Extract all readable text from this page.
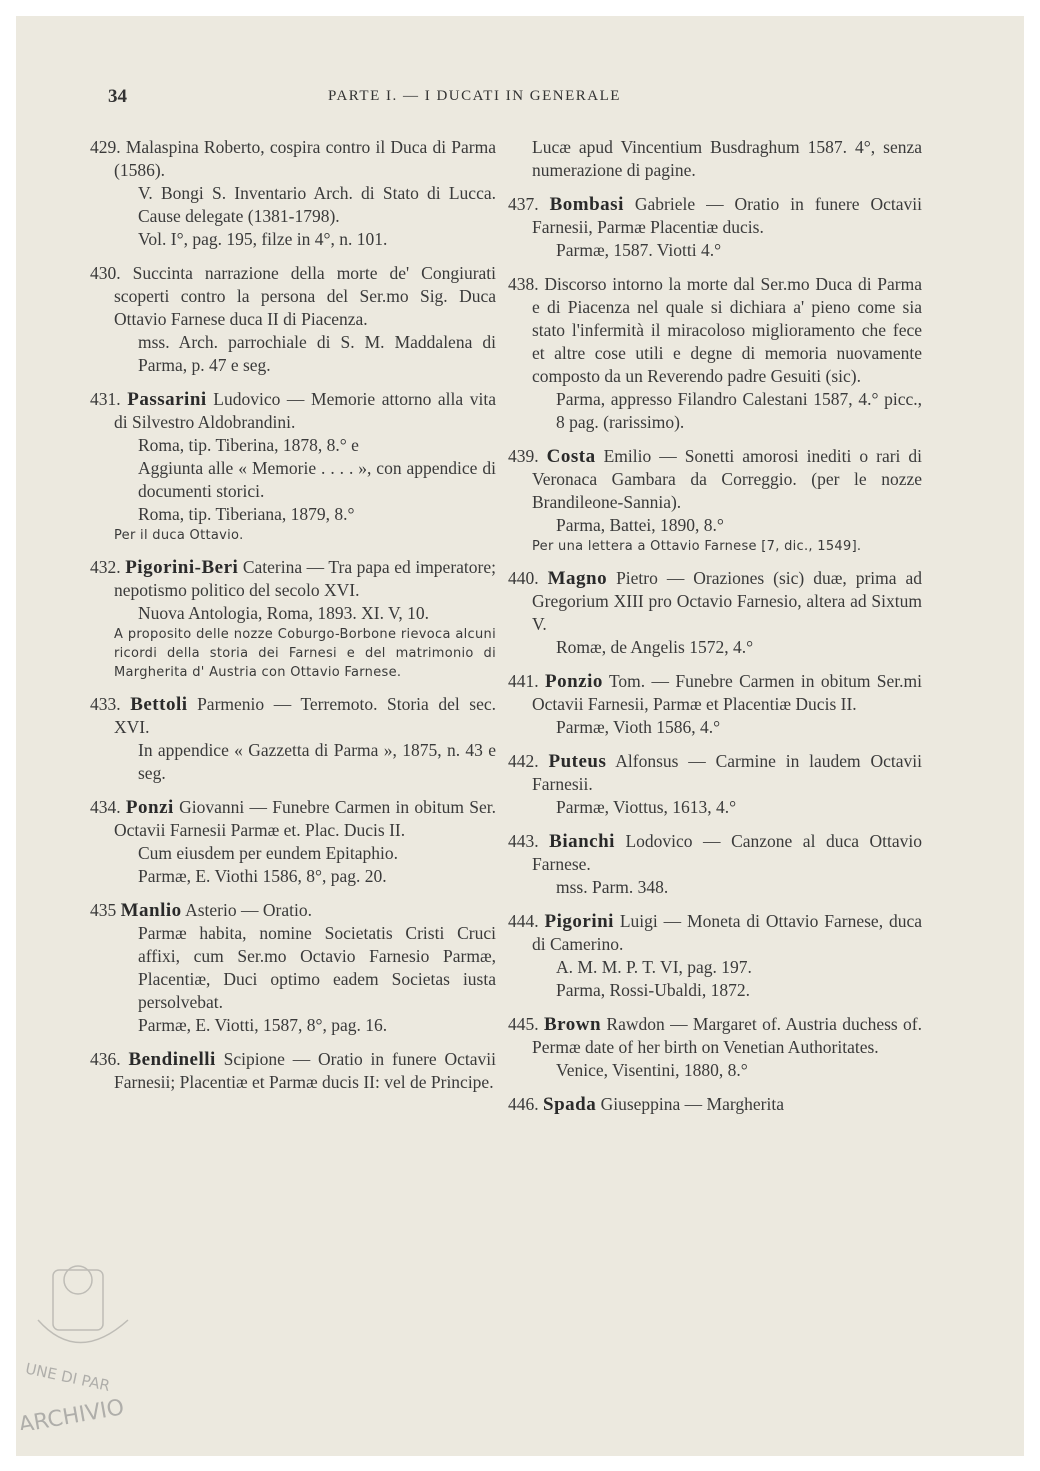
34	PARTE I. — I DUCATI IN GENERALE

429. Malaspina Roberto, cospira contro il Duca di Parma (1586).

V. Bongi S. Inventario Arch. di Stato di Lucca. Cause delegate (1381-1798).

Vol. I°, pag. 195, filze in 4°, n. 101.

430. Succinta narrazione della morte de' Congiurati scoperti contro la persona del Ser.mo Sig. Duca Ottavio Farnese duca II di Piacenza.

mss. Arch. parrochiale di S. M. Maddalena di Parma, p. 47 e seg.

431. Passarini Ludovico — Memorie attorno alla vita di Silvestro Aldobrandini.

Roma, tip. Tiberina, 1878, 8.° e

Aggiunta alle « Memorie . . . . », con appendice di documenti storici.

Roma, tip. Tiberiana, 1879, 8.°

Per il duca Ottavio.

432. Pigorini-Beri Caterina — Tra papa ed imperatore; nepotismo politico del secolo XVI.

Nuova Antologia, Roma, 1893. XI. V, 10.

A proposito delle nozze Coburgo-Borbone rievoca alcuni ricordi della storia dei Farnesi e del matrimonio di Margherita d' Austria con Ottavio Farnese.

433. Bettoli Parmenio — Terremoto. Storia del sec. XVI.

In appendice « Gazzetta di Parma », 1875, n. 43 e seg.

434. Ponzi Giovanni — Funebre Carmen in obitum Ser. Octavii Farnesii Parmæ et. Plac. Ducis II.

Cum eiusdem per eundem Epitaphio.

Parmæ, E. Viothi 1586, 8°, pag. 20.

435 Manlio Asterio — Oratio.

Parmæ habita, nomine Societatis Cristi Cruci affixi, cum Ser.mo Octavio Farnesio Parmæ, Placentiæ, Duci optimo eadem Societas iusta persolvebat.

Parmæ, E. Viotti, 1587, 8°, pag. 16.

436. Bendinelli Scipione — Oratio in funere Octavii Farnesii; Placentiæ et Parmæ ducis II: vel de Principe.

Lucæ apud Vincentium Busdraghum 1587. 4°, senza numerazione di pagine.

437. Bombasi Gabriele — Oratio in funere Octavii Farnesii, Parmæ Placentiæ ducis.

Parmæ, 1587. Viotti 4.°

438. Discorso intorno la morte dal Ser.mo Duca di Parma e di Piacenza nel quale si dichiara a' pieno come sia stato l'infermità il miracoloso miglioramento che fece et altre cose utili e degne di memoria nuovamente composto da un Reverendo padre Gesuiti (sic).

Parma, appresso Filandro Calestani 1587, 4.° picc., 8 pag. (rarissimo).

439. Costa Emilio — Sonetti amorosi inediti o rari di Veronaca Gambara da Correggio. (per le nozze Brandileone-Sannia).

Parma, Battei, 1890, 8.°

Per una lettera a Ottavio Farnese [7, dic., 1549].

440. Magno Pietro — Oraziones (sic) duæ, prima ad Gregorium XIII pro Octavio Farnesio, altera ad Sixtum V.

Romæ, de Angelis 1572, 4.°

441. Ponzio Tom. — Funebre Carmen in obitum Ser.mi Octavii Farnesii, Parmæ et Placentiæ Ducis II.

Parmæ, Vioth 1586, 4.°

442. Puteus Alfonsus — Carmine in laudem Octavii Farnesii.

Parmæ, Viottus, 1613, 4.°

443. Bianchi Lodovico — Canzone al duca Ottavio Farnese.

mss. Parm. 348.

444. Pigorini Luigi — Moneta di Ottavio Farnese, duca di Camerino.

A. M. M. P. T. VI, pag. 197.

Parma, Rossi-Ubaldi, 1872.

445. Brown Rawdon — Margaret of. Austria duchess of. Permæ date of her birth on Venetian Authoritates.

Venice, Visentini, 1880, 8.°

446. Spada Giuseppina — Margherita

UNE DI PAR
ARCHIVIO
